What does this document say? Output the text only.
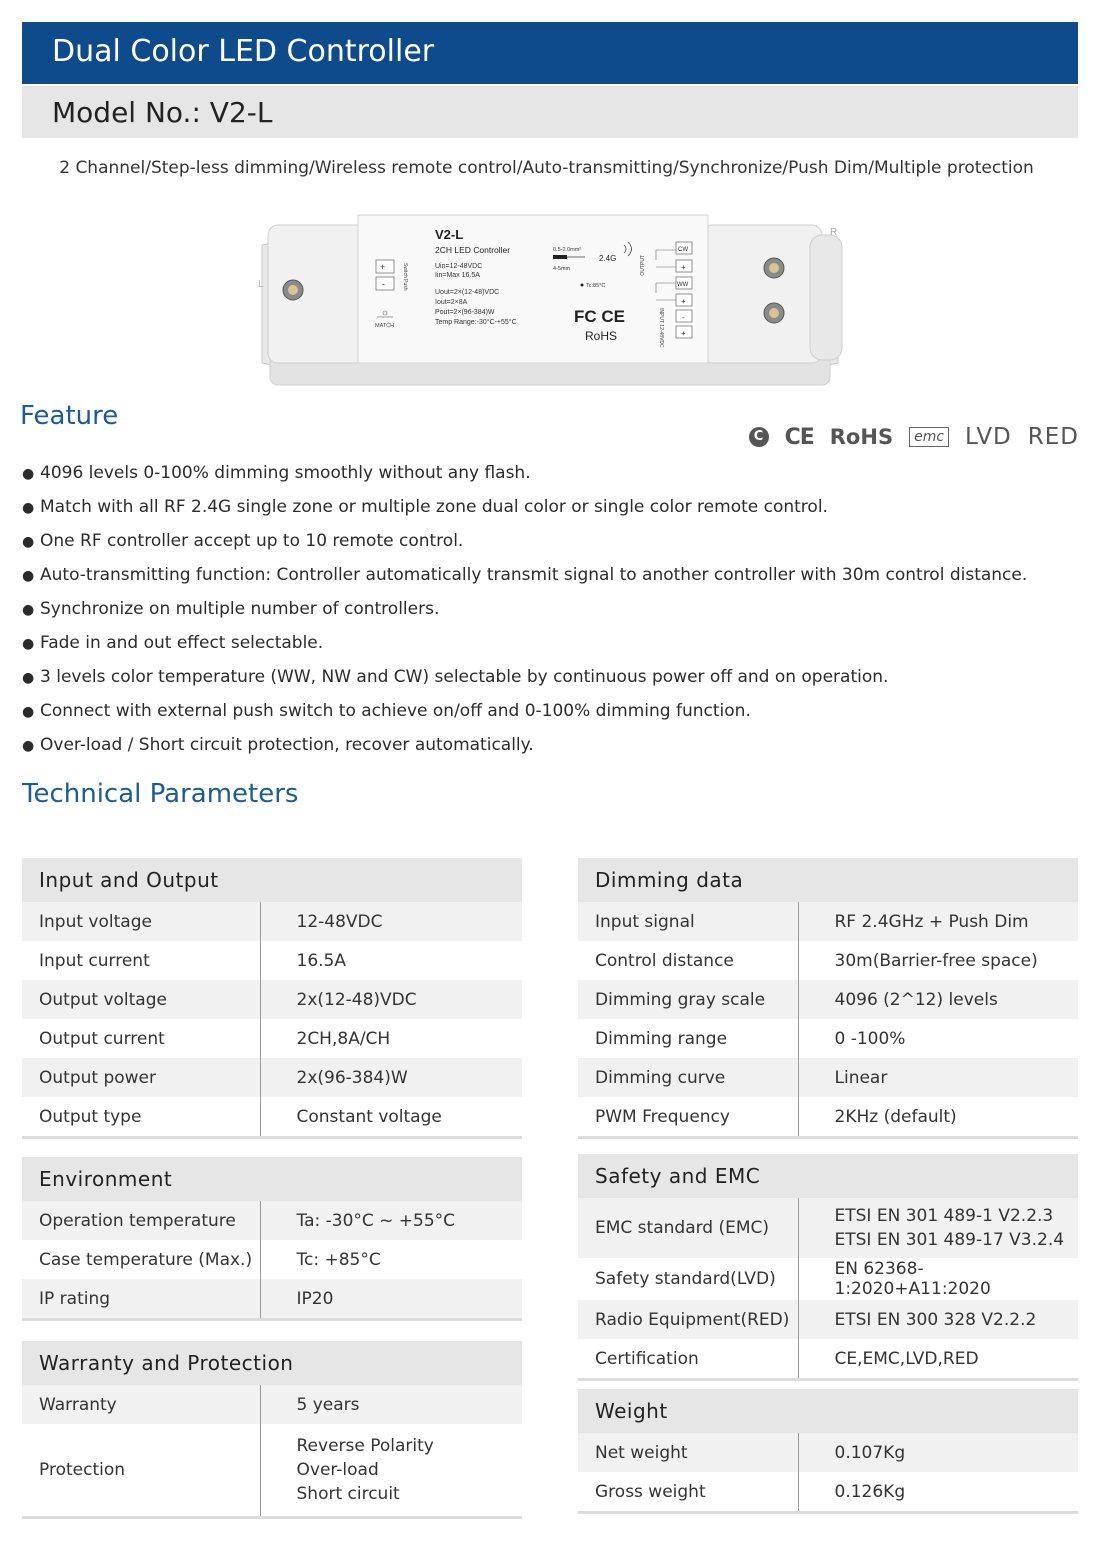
Dual Color LED Controller
Model No.: V2-L
2 Channel/Step-less dimming/Wireless remote control/Auto-transmitting/Synchronize/Push Dim/Multiple protection
L
R
+
-	Switch Push
MATCH
V2-L
2CH LED Controller
Uin=12-48VDC
Iin=Max 16.5A
Uout=2×(12-48)VDC
Iout=2×8A
Pout=2×(96-384)W
Temp Range:-30°C-+55°C
0.5-2.0mm²
4-5mm
2.4G
Tc:85°C
FC CE
RoHS
OUTPUT
CW
+
WW
+
-
+
INPUT 12-48VDC
Feature
C CE RoHS	emc LVD RED
● 4096 levels 0-100% dimming smoothly without any flash.
● Match with all RF 2.4G single zone or multiple zone dual color or single color remote control.
● One RF controller accept up to 10 remote control.
● Auto-transmitting function: Controller automatically transmit signal to another controller with 30m control distance.
● Synchronize on multiple number of controllers.
● Fade in and out effect selectable.
● 3 levels color temperature (WW, NW and CW) selectable by continuous power off and on operation.
● Connect with external push switch to achieve on/off and 0-100% dimming function.
● Over-load / Short circuit protection, recover automatically.
Technical Parameters
Input and Output	
Input voltage	12-48VDC
Input current	16.5A
Output voltage	2x(12-48)VDC
Output current	2CH,8A/CH
Output power	2x(96-384)W
Output type	Constant voltage
Environment	
Operation temperature	Ta: -30°C ~ +55°C
Case temperature (Max.)	Tc: +85°C
IP rating	IP20
Warranty and Protection	
Warranty	5 years
Protection	Reverse Polarity
Over-load
Short circuit
Dimming data	
Input signal	RF 2.4GHz + Push Dim
Control distance	30m(Barrier-free space)
Dimming gray scale	4096 (2^12) levels
Dimming range	0 -100%
Dimming curve	Linear
PWM Frequency	2KHz (default)
Safety and EMC	
EMC standard (EMC)	ETSI EN 301 489-1 V2.2.3
ETSI EN 301 489-17 V3.2.4

Safety standard(LVD)	EN 62368-1:2020+A11:2020
Radio Equipment(RED)	ETSI EN 300 328 V2.2.2
Certification	CE,EMC,LVD,RED
Weight	
Net weight	0.107Kg
Gross weight	0.126Kg
